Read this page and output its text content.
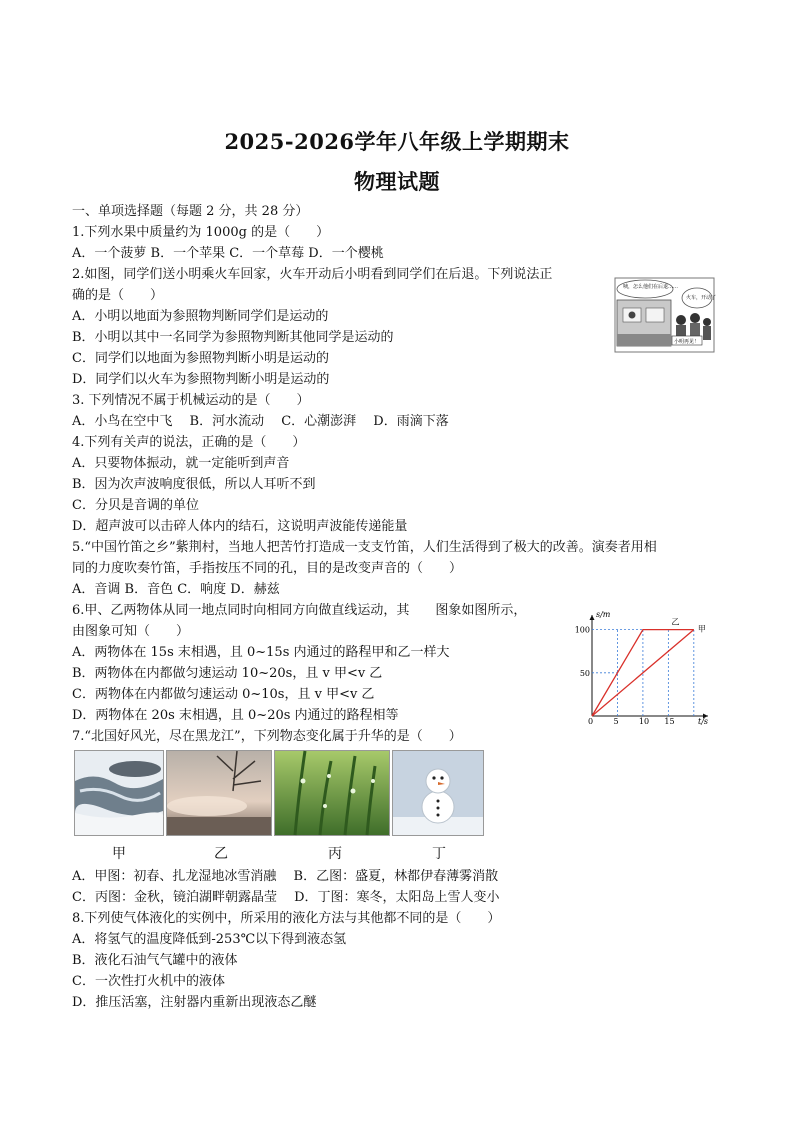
2025-2026学年八年级上学期期末
物理试题
一、单项选择题（每题 2 分，共 28 分）
1.下列水果中质量约为 1000g 的是（　　）
A．一个菠萝 B．一个苹果 C．一个草莓 D．一个樱桃
2.如图，同学们送小明乘火车回家，火车开动后小明看到同学们在后退。下列说法正
确的是（　　）
A．小明以地面为参照物判断同学们是运动的
B．小明以其中一名同学为参照物判断其他同学是运动的
C．同学们以地面为参照物判断小明是运动的
D．同学们以火车为参照物判断小明是运动的
咦，怎么他们在后退……
火车，开动了
小明再见！
3. 下列情况不属于机械运动的是（　　）
A．小鸟在空中飞　 B．河水流动　 C．心潮澎湃　 D．雨滴下落
4.下列有关声的说法，正确的是（　　）
A．只要物体振动，就一定能听到声音
B．因为次声波响度很低，所以人耳听不到
C．分贝是音调的单位
D．超声波可以击碎人体内的结石，这说明声波能传递能量
5.“中国竹笛之乡”紫荆村，当地人把苦竹打造成一支支竹笛，人们生活得到了极大的改善。演奏者用相
同的力度吹奏竹笛，手指按压不同的孔，目的是改变声音的（　　）
A．音调 B．音色 C．响度 D．赫兹
6.甲、乙两物体从同一地点同时向相同方向做直线运动，其　　图象如图所示，
由图象可知（　　）
A．两物体在 15s 末相遇，且 0~15s 内通过的路程甲和乙一样大
B．两物体在内都做匀速运动 10~20s，且 v 甲<v 乙
C．两物体在内都做匀速运动 0~10s，且 v 甲<v 乙
D．两物体在 20s 末相遇，且 0~20s 内通过的路程相等
s/m
t/s
0	5	10 15
50
100
乙
甲
7.“北国好风光，尽在黑龙江”，下列物态变化属于升华的是（　　）
甲	乙	丙	丁
A．甲图：初春、扎龙湿地冰雪消融　 B．乙图：盛夏，林都伊春薄雾消散
C．丙图：金秋，镜泊湖畔朝露晶莹　 D．丁图：寒冬，太阳岛上雪人变小
8.下列使气体液化的实例中，所采用的液化方法与其他都不同的是（　　）
A．将氢气的温度降低到-253℃以下得到液态氢
B．液化石油气气罐中的液体
C．一次性打火机中的液体
D．推压活塞，注射器内重新出现液态乙醚
